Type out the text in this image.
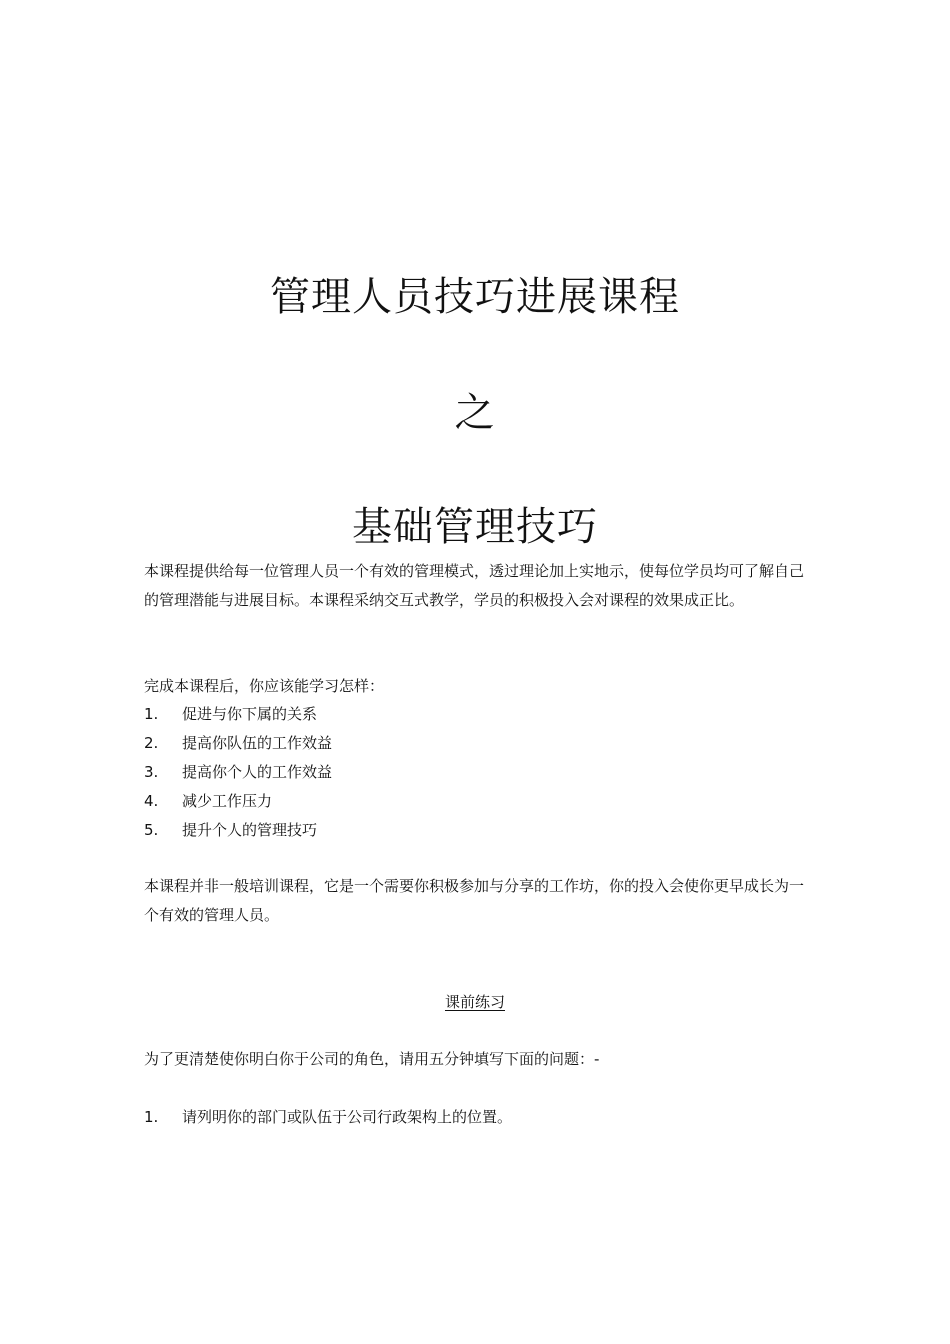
管理人员技巧进展课程
之
基础管理技巧

本课程提供给每一位管理人员一个有效的管理模式，透过理论加上实地示，使每位学员均可了解自己的管理潜能与进展目标。本课程采纳交互式教学，学员的积极投入会对课程的效果成正比。

完成本课程后，你应该能学习怎样：

1.	促进与你下属的关系
2.	提高你队伍的工作效益
3.	提高你个人的工作效益
4.	减少工作压力
5.	提升个人的管理技巧

本课程并非一般培训课程，它是一个需要你积极参加与分享的工作坊，你的投入会使你更早成长为一个有效的管理人员。

课前练习

为了更清楚使你明白你于公司的角色，请用五分钟填写下面的问题：-

1.	请列明你的部门或队伍于公司行政架构上的位置。
